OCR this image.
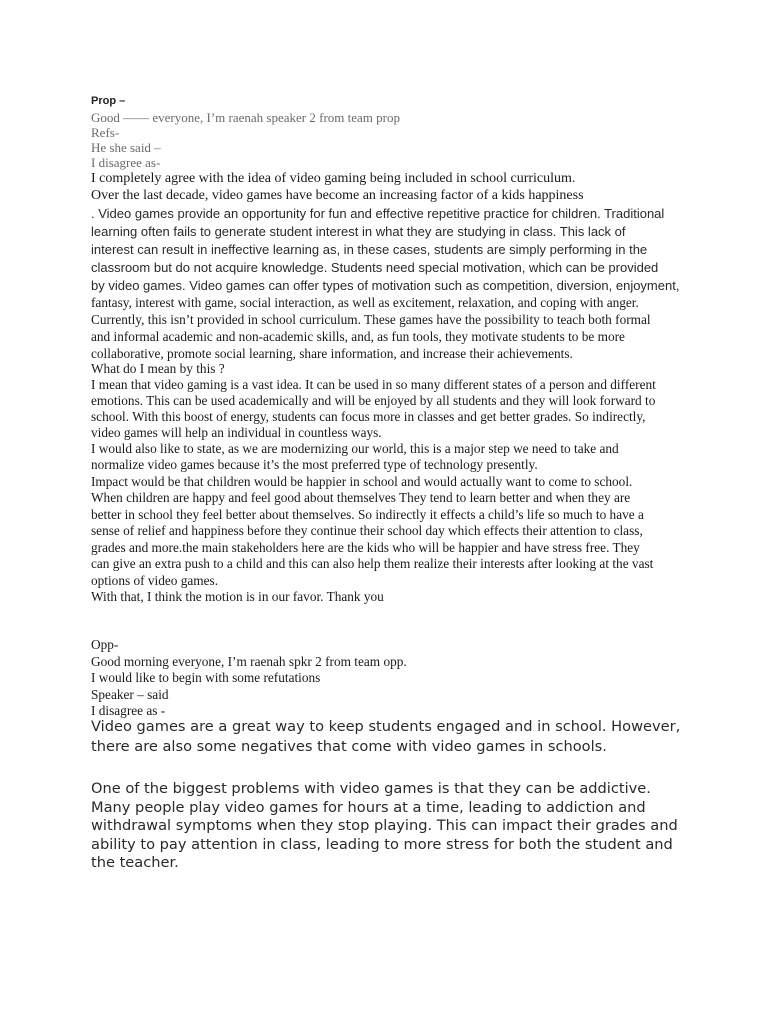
Prop –

Good —— everyone, I’m raenah speaker 2 from team prop

Refs-

He she said –

I disagree as-

I completely agree with the idea of video gaming being included in school curriculum.

Over the last decade, video games have become an increasing factor of a kids happiness

. Video games provide an opportunity for fun and effective repetitive practice for children. Traditional

learning often fails to generate student interest in what they are studying in class. This lack of

interest can result in ineffective learning as, in these cases, students are simply performing in the

classroom but do not acquire knowledge. Students need special motivation, which can be provided

by video games. Video games can offer types of motivation such as competition, diversion, enjoyment,

fantasy, interest with game, social interaction, as well as excitement, relaxation, and coping with anger.

Currently, this isn’t provided in school curriculum. These games have the possibility to teach both formal

and informal academic and non-academic skills, and, as fun tools, they motivate students to be more

collaborative, promote social learning, share information, and increase their achievements.

What do I mean by this ?

I mean that video gaming is a vast idea. It can be used in so many different states of a person and different

emotions. This can be used academically and will be enjoyed by all students and they will look forward to

school. With this boost of energy, students can focus more in classes and get better grades. So indirectly,

video games will help an individual in countless ways.

I would also like to state, as we are modernizing our world, this is a major step we need to take and

normalize video games because it’s the most preferred type of technology presently.

Impact would be that children would be happier in school and would actually want to come to school.

When children are happy and feel good about themselves They tend to learn better and when they are

better in school they feel better about themselves. So indirectly it effects a child’s life so much to have a

sense of relief and happiness before they continue their school day which effects their attention to class,

grades and more.the main stakeholders here are the kids who will be happier and have stress free. They

can give an extra push to a child and this can also help them realize their interests after looking at the vast

options of video games.

With that, I think the motion is in our favor. Thank you

Opp-

Good morning everyone, I’m raenah spkr 2 from team opp.

I would like to begin with some refutations

Speaker – said

I disagree as -

Video games are a great way to keep students engaged and in school. However,

there are also some negatives that come with video games in schools.

One of the biggest problems with video games is that they can be addictive.

Many people play video games for hours at a time, leading to addiction and

withdrawal symptoms when they stop playing. This can impact their grades and

ability to pay attention in class, leading to more stress for both the student and

the teacher.
